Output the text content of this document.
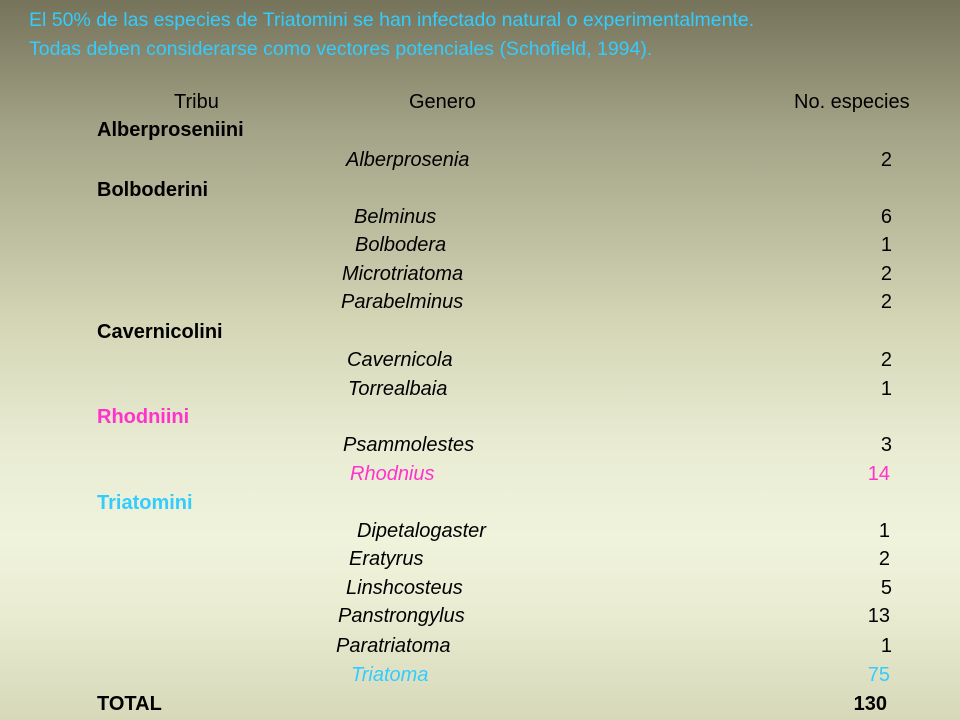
El 50% de las especies de Triatomini se han infectado natural o experimentalmente.
Todas deben considerarse como vectores potenciales (Schofield, 1994).
Tribu	Genero	No. especies
Alberproseniini
Alberprosenia	2
Bolboderini
Belminus	6
Bolbodera	1
Microtriatoma	2
Parabelminus	2
Cavernicolini
Cavernicola	2
Torrealbaia	1
Rhodniini
Psammolestes	3
Rhodnius	14
Triatomini
Dipetalogaster	1
Eratyrus	2
Linshcosteus	5
Panstrongylus	13
Paratriatoma	1
Triatoma	75
TOTAL	130
